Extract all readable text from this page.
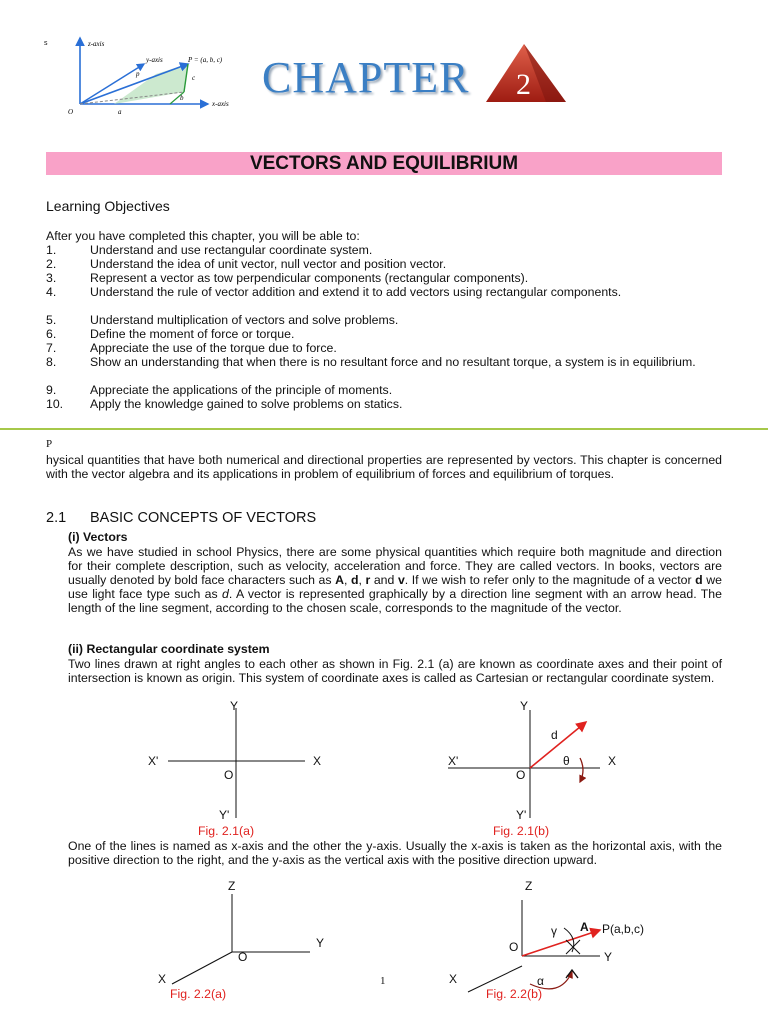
s	z-axis
y-axis
x-axis
P = (a, b, c)
p	c
b
a
O
CHAPTER 2
VECTORS AND EQUILIBRIUM
Learning Objectives
After you have completed this chapter, you will be able to:
1.	Understand and use rectangular coordinate system.
2.	Understand the idea of unit vector, null vector and position vector.
3.	Represent a vector as tow perpendicular components (rectangular components).
4.	Understand the rule of vector addition and extend it to add vectors using rectangular components.
5.	Understand multiplication of vectors and solve problems.
6.	Define the moment of force or torque.
7.	Appreciate the use of the torque due to force.
8.	Show an understanding that when there is no resultant force and no resultant torque, a system is in equilibrium.
9.	Appreciate the applications of the principle of moments.
10. Apply the knowledge gained to solve problems on statics.
P
hysical quantities that have both numerical and directional properties are represented by vectors. This chapter is concerned with the vector algebra and its applications in problem of equilibrium of forces and equilibrium of torques.
2.1 BASIC CONCEPTS OF VECTORS
(i) Vectors
As we have studied in school Physics, there are some physical quantities which require both magnitude and direction for their complete description, such as velocity, acceleration and force. They are called vectors. In books, vectors are usually denoted by bold face characters such as A, d, r and v. If we wish to refer only to the magnitude of a vector d we use light face type such as d. A vector is represented graphically by a direction line segment with an arrow head. The length of the line segment, according to the chosen scale, corresponds to the magnitude of the vector.
(ii) Rectangular coordinate system
Two lines drawn at right angles to each other as shown in Fig. 2.1 (a) are known as coordinate axes and their point of intersection is known as origin. This system of coordinate axes is called as Cartesian or rectangular coordinate system.
Y
X'	X
O
Y'
Fig. 2.1(a)
Y
d
X'	θ	X
O
Y'
Fig. 2.1(b)
One of the lines is named as x-axis and the other the y-axis. Usually the x-axis is taken as the horizontal axis, with the positive direction to the right, and the y-axis as the vertical axis with the positive direction upward.
Z
Y
O
X
Fig. 2.2(a)
Z
γ A P(a,b,c)
O
Y
X	α
Fig. 2.2(b)
1
